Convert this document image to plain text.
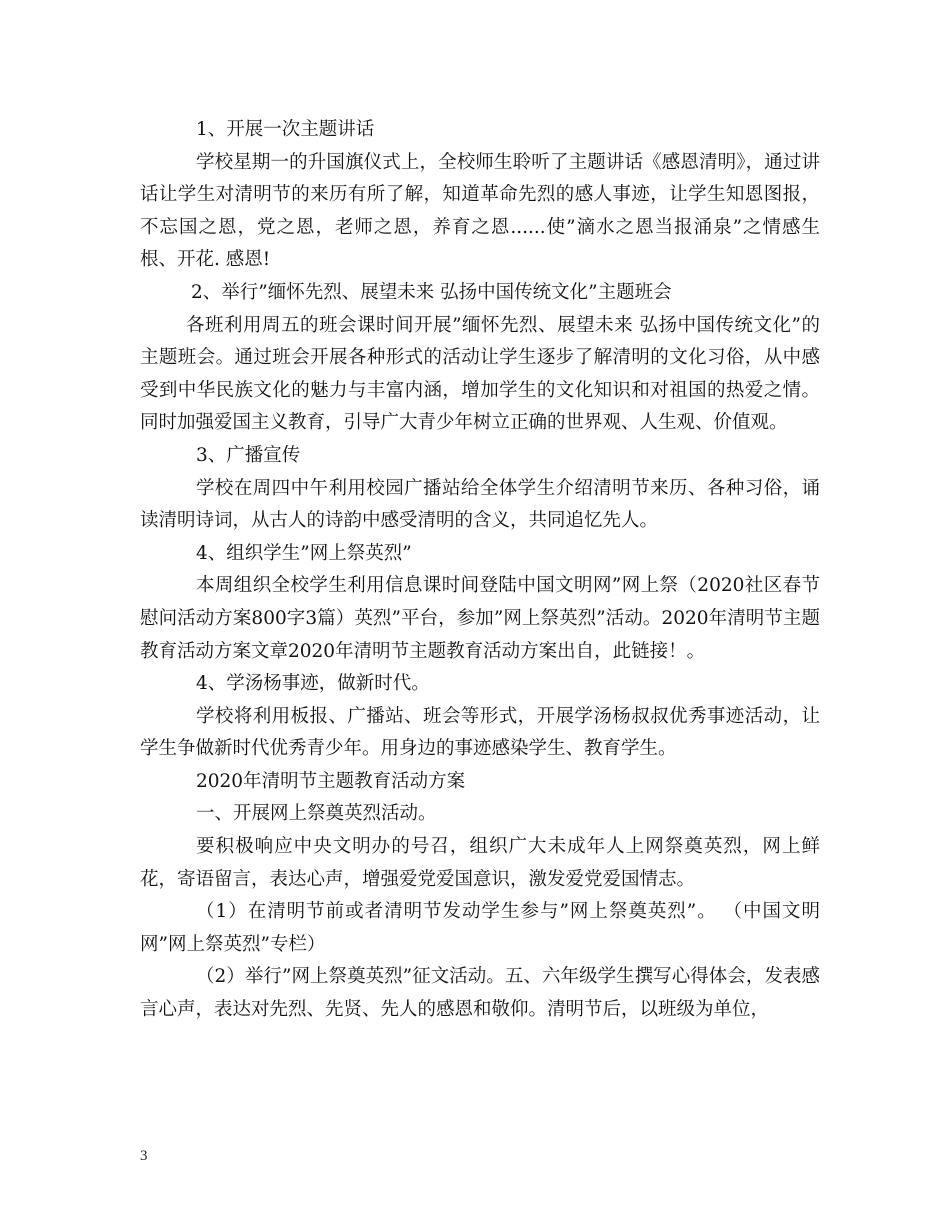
1、开展一次主题讲话

学校星期一的升国旗仪式上，全校师生聆听了主题讲话《感恩清明》，通过讲话让学生对清明节的来历有所了解，知道革命先烈的感人事迹，让学生知恩图报，不忘国之恩，党之恩，老师之恩，养育之恩......使”滴水之恩当报涌泉”之情感生根、开花. 感恩!

2、举行”缅怀先烈、展望未来 弘扬中国传统文化”主题班会

各班利用周五的班会课时间开展”缅怀先烈、展望未来 弘扬中国传统文化”的主题班会。通过班会开展各种形式的活动让学生逐步了解清明的文化习俗，从中感受到中华民族文化的魅力与丰富内涵，增加学生的文化知识和对祖国的热爱之情。同时加强爱国主义教育，引导广大青少年树立正确的世界观、人生观、价值观。

3、广播宣传

学校在周四中午利用校园广播站给全体学生介绍清明节来历、各种习俗，诵读清明诗词，从古人的诗韵中感受清明的含义，共同追忆先人。

4、组织学生”网上祭英烈”

本周组织全校学生利用信息课时间登陆中国文明网”网上祭（2020社区春节慰问活动方案800字3篇）英烈”平台，参加”网上祭英烈”活动。2020年清明节主题教育活动方案文章2020年清明节主题教育活动方案出自，此链接！。

4、学汤杨事迹，做新时代。

学校将利用板报、广播站、班会等形式，开展学汤杨叔叔优秀事迹活动，让学生争做新时代优秀青少年。用身边的事迹感染学生、教育学生。

2020年清明节主题教育活动方案

一、开展网上祭奠英烈活动。

要积极响应中央文明办的号召，组织广大未成年人上网祭奠英烈，网上鲜花，寄语留言，表达心声，增强爱党爱国意识，激发爱党爱国情志。

（1）在清明节前或者清明节发动学生参与”网上祭奠英烈”。 （中国文明网”网上祭英烈”专栏）

（2）举行”网上祭奠英烈”征文活动。五、六年级学生撰写心得体会，发表感言心声，表达对先烈、先贤、先人的感恩和敬仰。清明节后，以班级为单位，

3
